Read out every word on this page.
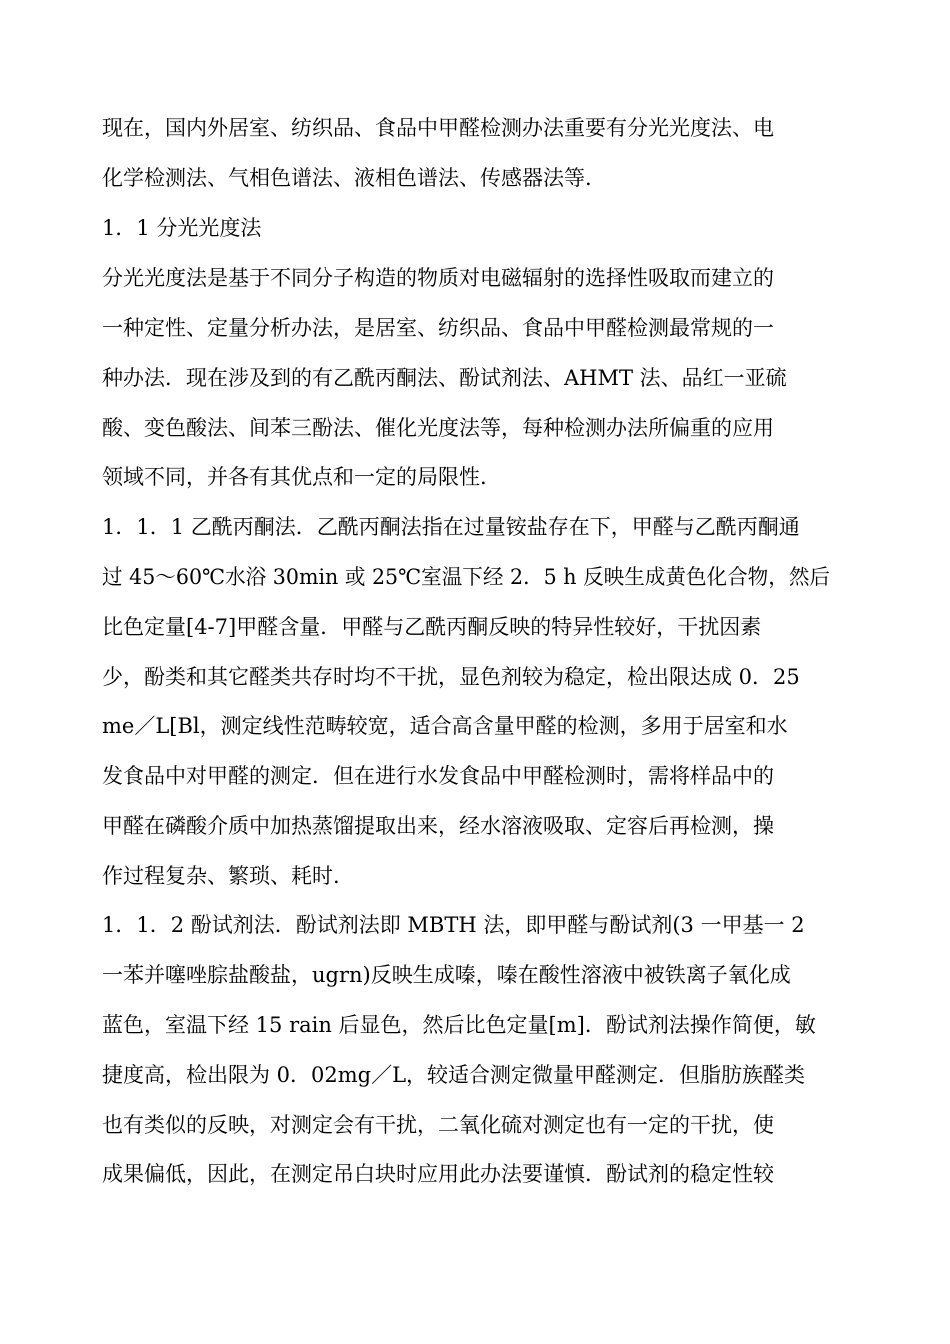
现在，国内外居室、纺织品、食品中甲醛检测办法重要有分光光度法、电
化学检测法、气相色谱法、液相色谱法、传感器法等.
1．1 分光光度法
分光光度法是基于不同分子构造的物质对电磁辐射的选择性吸取而建立的
一种定性、定量分析办法，是居室、纺织品、食品中甲醛检测最常规的一
种办法．现在涉及到的有乙酰丙酮法、酚试剂法、AHMT 法、品红一亚硫
酸、变色酸法、间苯三酚法、催化光度法等，每种检测办法所偏重的应用
领域不同，并各有其优点和一定的局限性.
1．1．1 乙酰丙酮法．乙酰丙酮法指在过量铵盐存在下，甲醛与乙酰丙酮通
过 45～60℃水浴 30min 或 25℃室温下经 2．5 h 反映生成黄色化合物，然后
比色定量[4-7]甲醛含量．甲醛与乙酰丙酮反映的特异性较好，干扰因素
少，酚类和其它醛类共存时均不干扰，显色剂较为稳定，检出限达成 0．25
me／L[Bl，测定线性范畴较宽，适合高含量甲醛的检测，多用于居室和水
发食品中对甲醛的测定．但在进行水发食品中甲醛检测时，需将样品中的
甲醛在磷酸介质中加热蒸馏提取出来，经水溶液吸取、定容后再检测，操
作过程复杂、繁琐、耗时.
1．1．2 酚试剂法．酚试剂法即 MBTH 法，即甲醛与酚试剂(3 一甲基一 2
一苯并噻唑腙盐酸盐，ugrn)反映生成嗪，嗪在酸性溶液中被铁离子氧化成
蓝色，室温下经 15 rain 后显色，然后比色定量[m]．酚试剂法操作简便，敏
捷度高，检出限为 0．02mg／L，较适合测定微量甲醛测定．但脂肪族醛类
也有类似的反映，对测定会有干扰，二氧化硫对测定也有一定的干扰，使
成果偏低，因此，在测定吊白块时应用此办法要谨慎．酚试剂的稳定性较
